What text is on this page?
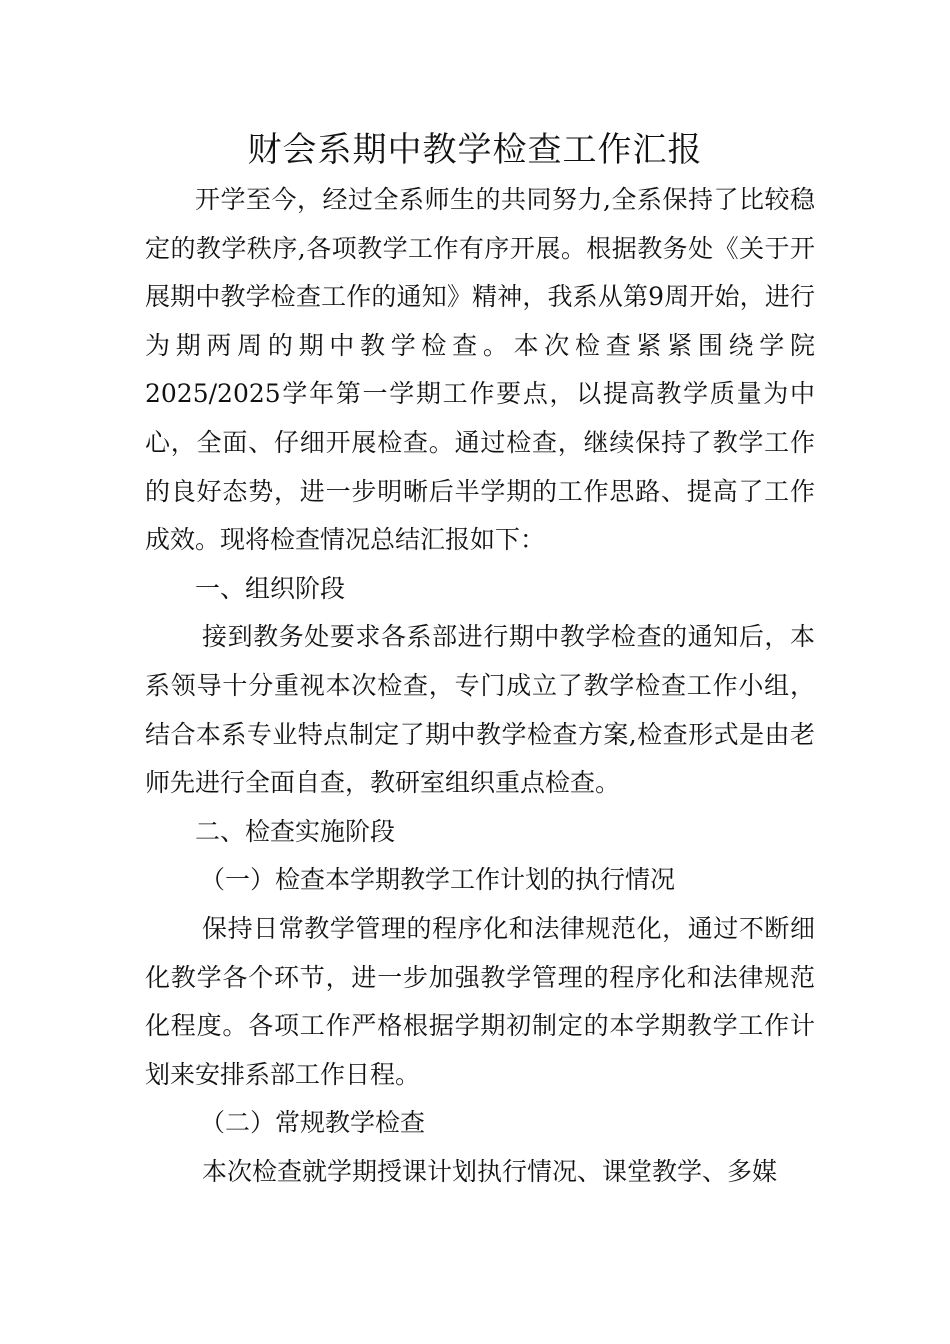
财会系期中教学检查工作汇报

开学至今，经过全系师生的共同努力,全系保持了比较稳定的教学秩序,各项教学工作有序开展。根据教务处《关于开展期中教学检查工作的通知》精神，我系从第9周开始，进行为期两周的期中教学检查。本次检查紧紧围绕学院2025/2025学年第一学期工作要点，以提高教学质量为中心，全面、仔细开展检查。通过检查，继续保持了教学工作的良好态势，进一步明晰后半学期的工作思路、提高了工作成效。现将检查情况总结汇报如下：

一、组织阶段

接到教务处要求各系部进行期中教学检查的通知后，本系领导十分重视本次检查，专门成立了教学检查工作小组，结合本系专业特点制定了期中教学检查方案,检查形式是由老师先进行全面自查，教研室组织重点检查。

二、检查实施阶段

（一）检查本学期教学工作计划的执行情况

保持日常教学管理的程序化和法律规范化，通过不断细化教学各个环节，进一步加强教学管理的程序化和法律规范化程度。各项工作严格根据学期初制定的本学期教学工作计划来安排系部工作日程。

（二）常规教学检查

本次检查就学期授课计划执行情况、课堂教学、多媒
